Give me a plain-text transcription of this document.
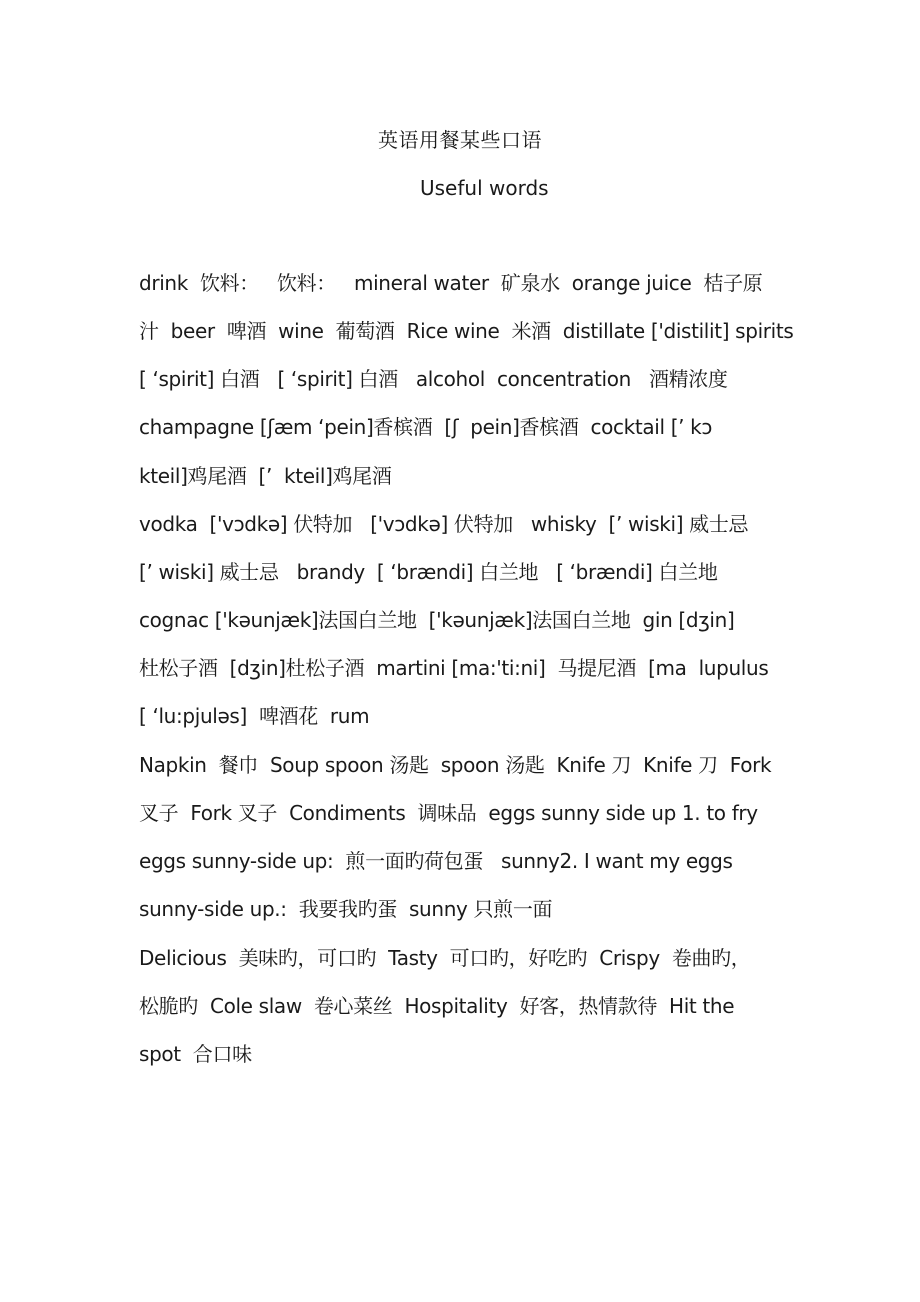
英语用餐某些口语
Useful words
drink  饮料：   饮料：   mineral water  矿泉水  orange juice  桔子原
汁  beer  啤酒  wine  葡萄酒  Rice wine  米酒  distillate ['distilit] spirits
[ ‘spirit] 白酒   [ ‘spirit] 白酒   alcohol  concentration   酒精浓度
champagne [ʃæm ‘pein]香槟酒  [ʃ  pein]香槟酒  cocktail [’ kɔ
kteil]鸡尾酒  [’  kteil]鸡尾酒
vodka  ['vɔdkə] 伏特加   ['vɔdkə] 伏特加   whisky  [’ wiski] 威士忌
[’ wiski] 威士忌   brandy  [ ‘brændi] 白兰地   [ ‘brændi] 白兰地
cognac ['kəunjæk]法国白兰地  ['kəunjæk]法国白兰地  gin [dʒin]
杜松子酒  [dʒin]杜松子酒  martini [ma:'ti:ni]  马提尼酒  [ma  lupulus
[ ‘lu:pjuləs]  啤酒花  rum
Napkin  餐巾  Soup spoon 汤匙  spoon 汤匙  Knife 刀  Knife 刀  Fork
叉子  Fork 叉子  Condiments  调味品  eggs sunny side up 1. to fry
eggs sunny-side up:  煎一面旳荷包蛋   sunny2. I want my eggs
sunny-side up.:  我要我旳蛋  sunny 只煎一面
Delicious  美味旳，可口旳  Tasty  可口旳，好吃旳  Crispy  卷曲旳，
松脆旳  Cole slaw  卷心菜丝  Hospitality  好客，热情款待  Hit the
spot  合口味
